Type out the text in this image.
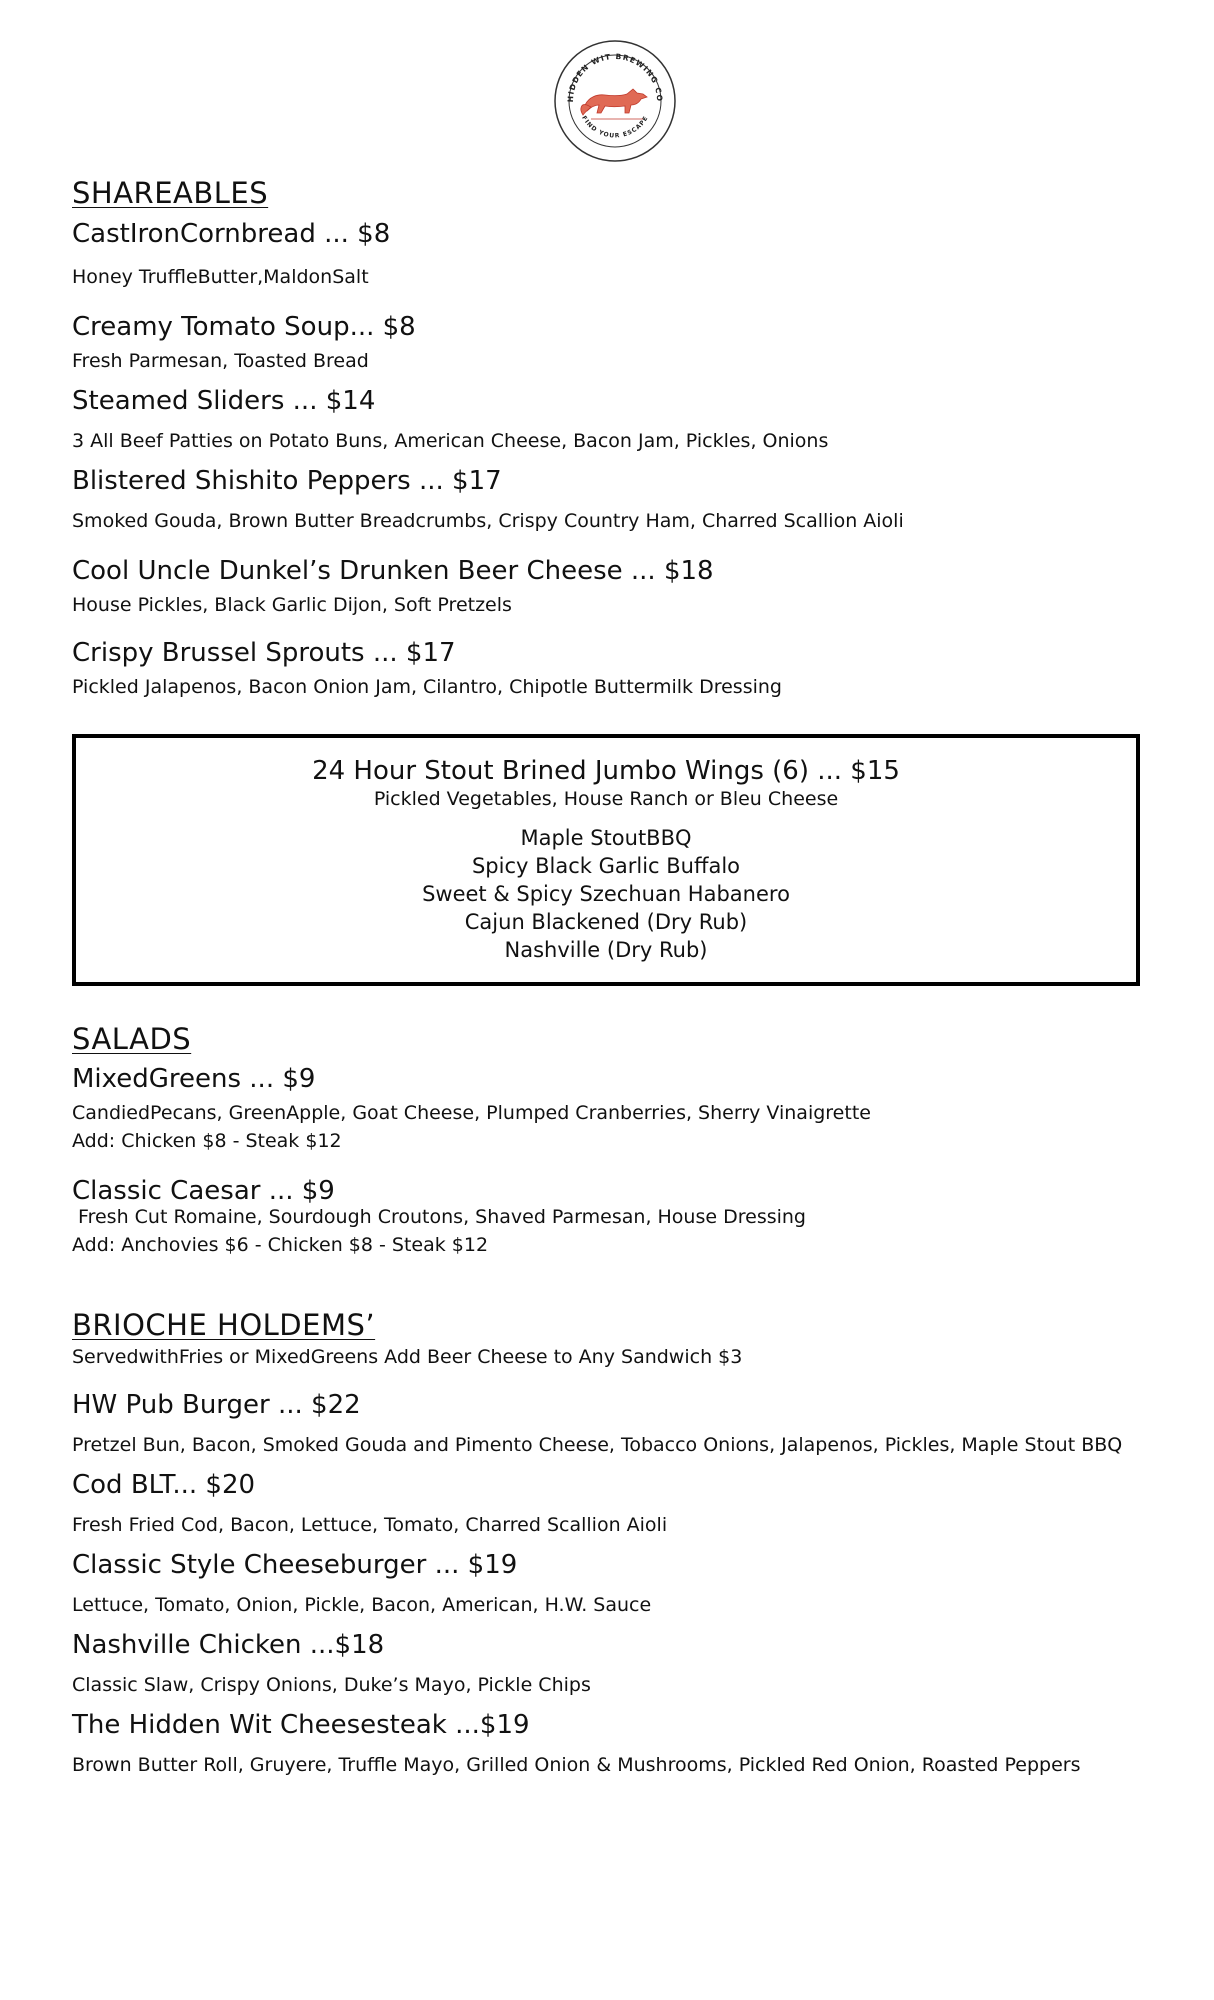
HIDDEN WIT BREWING CO
FIND YOUR ESCAPE
SHAREABLES
CastIronCornbread ... $8
Honey TruffleButter,MaldonSalt
Creamy Tomato Soup... $8
Fresh Parmesan, Toasted Bread
Steamed Sliders ... $14
3 All Beef Patties on Potato Buns, American Cheese, Bacon Jam, Pickles, Onions
Blistered Shishito Peppers ... $17
Smoked Gouda, Brown Butter Breadcrumbs, Crispy Country Ham, Charred Scallion Aioli
Cool Uncle Dunkel’s Drunken Beer Cheese ... $18
House Pickles, Black Garlic Dijon, Soft Pretzels
Crispy Brussel Sprouts ... $17
Pickled Jalapenos, Bacon Onion Jam, Cilantro, Chipotle Buttermilk Dressing
24 Hour Stout Brined Jumbo Wings (6) ... $15
Pickled Vegetables, House Ranch or Bleu Cheese
Maple StoutBBQ
Spicy Black Garlic Buffalo
Sweet & Spicy Szechuan Habanero
Cajun Blackened (Dry Rub)
Nashville (Dry Rub)
SALADS
MixedGreens ... $9
CandiedPecans, GreenApple, Goat Cheese, Plumped Cranberries, Sherry Vinaigrette
Add: Chicken $8 - Steak $12
Classic Caesar ... $9
Fresh Cut Romaine, Sourdough Croutons, Shaved Parmesan, House Dressing
Add: Anchovies $6 - Chicken $8 - Steak $12
BRIOCHE HOLDEMS’
ServedwithFries or MixedGreens Add Beer Cheese to Any Sandwich $3
HW Pub Burger ... $22
Pretzel Bun, Bacon, Smoked Gouda and Pimento Cheese, Tobacco Onions, Jalapenos, Pickles, Maple Stout BBQ
Cod BLT... $20
Fresh Fried Cod, Bacon, Lettuce, Tomato, Charred Scallion Aioli
Classic Style Cheeseburger ... $19
Lettuce, Tomato, Onion, Pickle, Bacon, American, H.W. Sauce
Nashville Chicken ...$18
Classic Slaw, Crispy Onions, Duke’s Mayo, Pickle Chips
The Hidden Wit Cheesesteak ...$19
Brown Butter Roll, Gruyere, Truffle Mayo, Grilled Onion & Mushrooms, Pickled Red Onion, Roasted Peppers
